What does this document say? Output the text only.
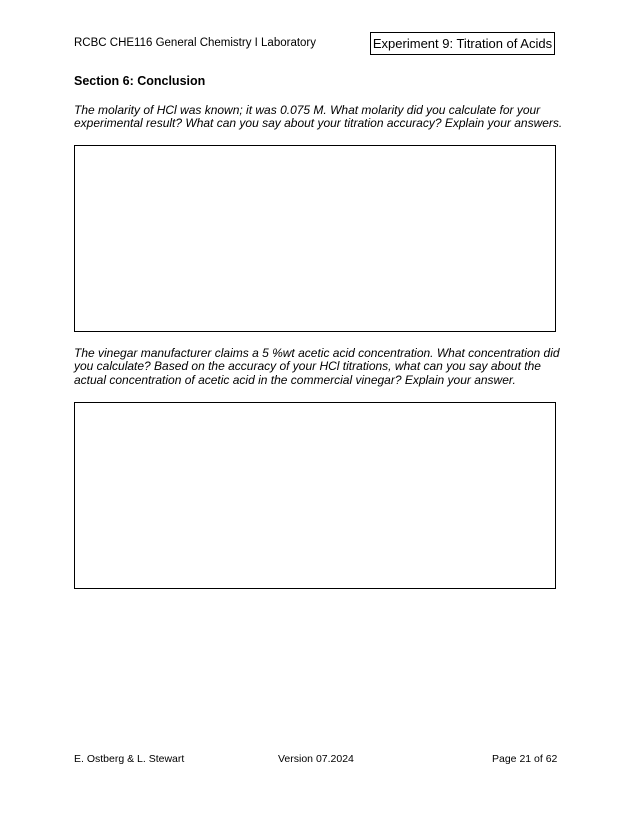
RCBC CHE116 General Chemistry I Laboratory	Experiment 9: Titration of Acids
Section 6: Conclusion

The molarity of HCl was known; it was 0.075 M. What molarity did you calculate for your experimental result? What can you say about your titration accuracy? Explain your answers.

The vinegar manufacturer claims a 5 %wt acetic acid concentration. What concentration did you calculate? Based on the accuracy of your HCl titrations, what can you say about the actual concentration of acetic acid in the commercial vinegar? Explain your answer.

E. Ostberg & L. Stewart	Version 07.2024	Page 21 of 62
